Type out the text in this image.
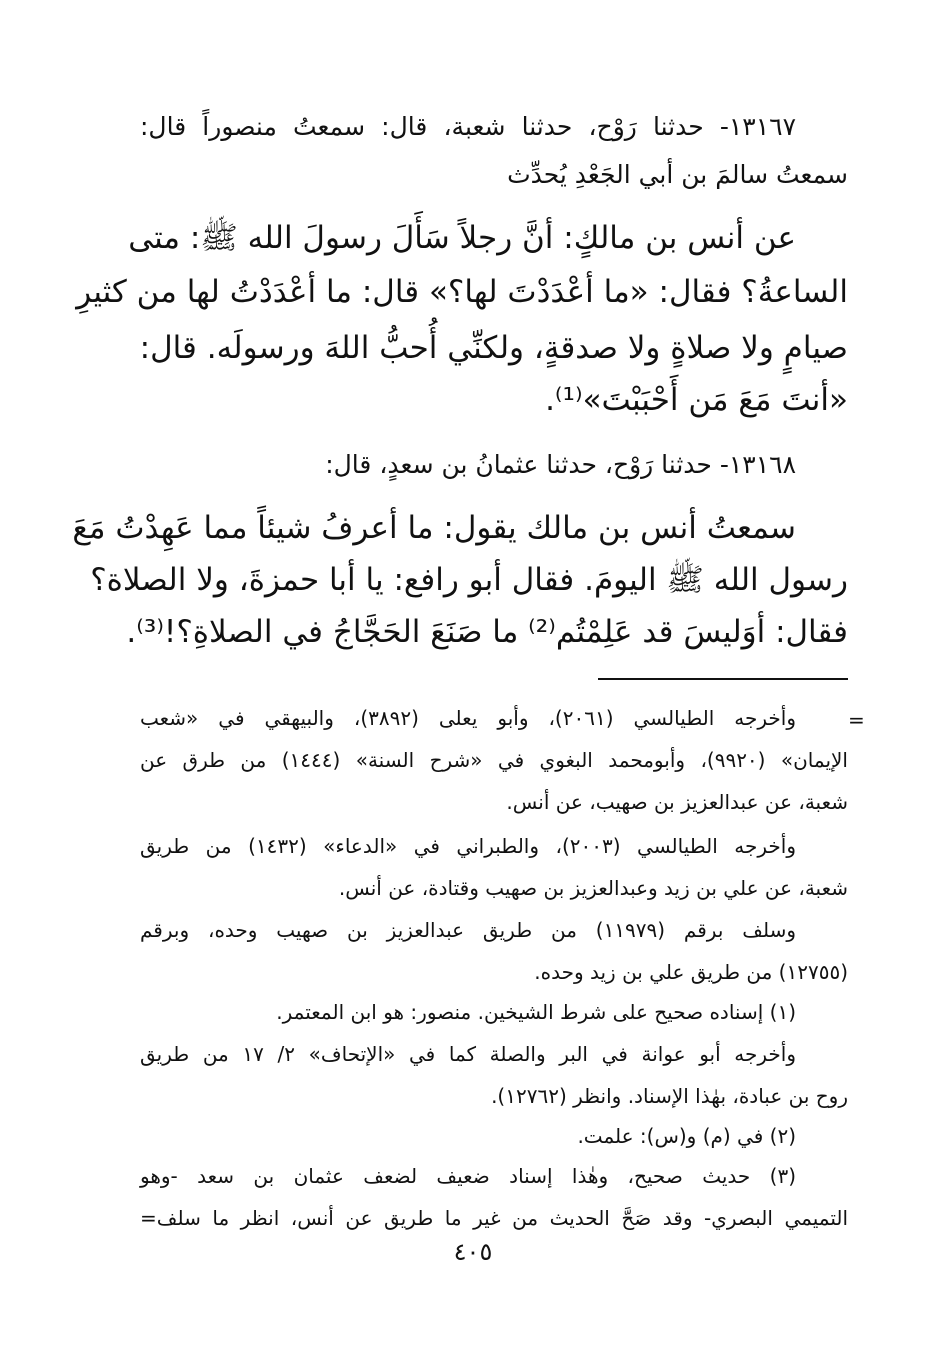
١٣١٦٧- حدثنا رَوْح، حدثنا شعبة، قال: سمعتُ منصوراً قال:
سمعتُ سالمَ بن أبي الجَعْدِ يُحدِّث
عن أنس بن مالكٍ: أنَّ رجلاً سَأَلَ رسولَ الله ﷺ: متى
الساعةُ؟ فقال: «ما أعْدَدْتَ لها؟» قال: ما أعْدَدْتُ لها من كثيرِ
صيامٍ ولا صلاةٍ ولا صدقةٍ، ولكنِّي أُحبُّ اللهَ ورسولَه. قال:
«أنتَ مَعَ مَن أَحْبَبْتَ»⁽¹⁾.
١٣١٦٨- حدثنا رَوْح، حدثنا عثمانُ بن سعدٍ، قال:
سمعتُ أنس بن مالك يقول: ما أعرفُ شيئاً مما عَهِدْتُ مَعَ
رسول الله ﷺ اليومَ. فقال أبو رافع: يا أبا حمزةَ، ولا الصلاة؟
فقال: أوَليسَ قد عَلِمْتُم⁽²⁾ ما صَنَعَ الحَجَّاجُ في الصلاةِ؟!⁽³⁾.
=
وأخرجه الطيالسي (٢٠٦١)، وأبو يعلى (٣٨٩٢)، والبيهقي في «شعب
الإيمان» (٩٩٢٠)، وأبومحمد البغوي في «شرح السنة» (١٤٤٤) من طرق عن
شعبة، عن عبدالعزيز بن صهيب، عن أنس.
وأخرجه الطيالسي (٢٠٠٣)، والطبراني في «الدعاء» (١٤٣٢) من طريق
شعبة، عن علي بن زيد وعبدالعزيز بن صهيب وقتادة، عن أنس.
وسلف برقم (١١٩٧٩) من طريق عبدالعزيز بن صهيب وحده، وبرقم
(١٢٧٥٥) من طريق علي بن زيد وحده.
(١) إسناده صحيح على شرط الشيخين. منصور: هو ابن المعتمر.
وأخرجه أبو عوانة في البر والصلة كما في «الإتحاف» ٢/ ١٧ من طريق
روح بن عبادة، بهٰذا الإسناد. وانظر (١٢٧٦٢).
(٢) في (م) و(س): علمت.
(٣) حديث صحيح، وهٰذا إسناد ضعيف لضعف عثمان بن سعد -وهو
التميمي البصري- وقد صَحَّ الحديث من غير ما طريق عن أنس، انظر ما سلف=
٤٠٥
